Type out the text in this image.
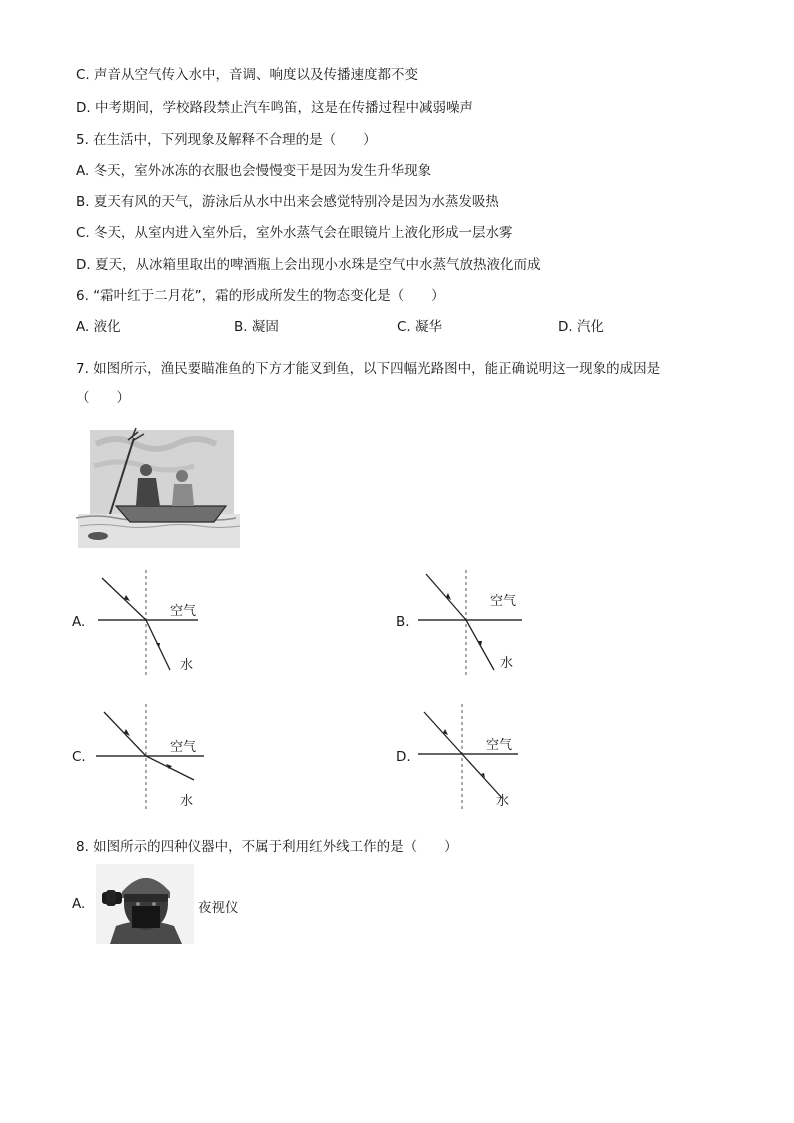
C. 声音从空气传入水中，音调、响度以及传播速度都不变
D. 中考期间，学校路段禁止汽车鸣笛，这是在传播过程中减弱噪声
5. 在生活中，下列现象及解释不合理的是（　　）
A. 冬天，室外冰冻的衣服也会慢慢变干是因为发生升华现象
B. 夏天有风的天气，游泳后从水中出来会感觉特别冷是因为水蒸发吸热
C. 冬天，从室内进入室外后，室外水蒸气会在眼镜片上液化形成一层水雾
D. 夏天，从冰箱里取出的啤酒瓶上会出现小水珠是空气中水蒸气放热液化而成
6. “霜叶红于二月花”，霜的形成所发生的物态变化是（　　）
A. 液化	B. 凝固	C. 凝华	D. 汽化
7. 如图所示，渔民要瞄准鱼的下方才能叉到鱼，以下四幅光路图中，能正确说明这一现象的成因是
（　　）
A.
空气
水
B.
空气
水
C.
空气
水
D.
空气
水
8. 如图所示的四种仪器中，不属于利用红外线工作的是（　　）
A.	夜视仪
